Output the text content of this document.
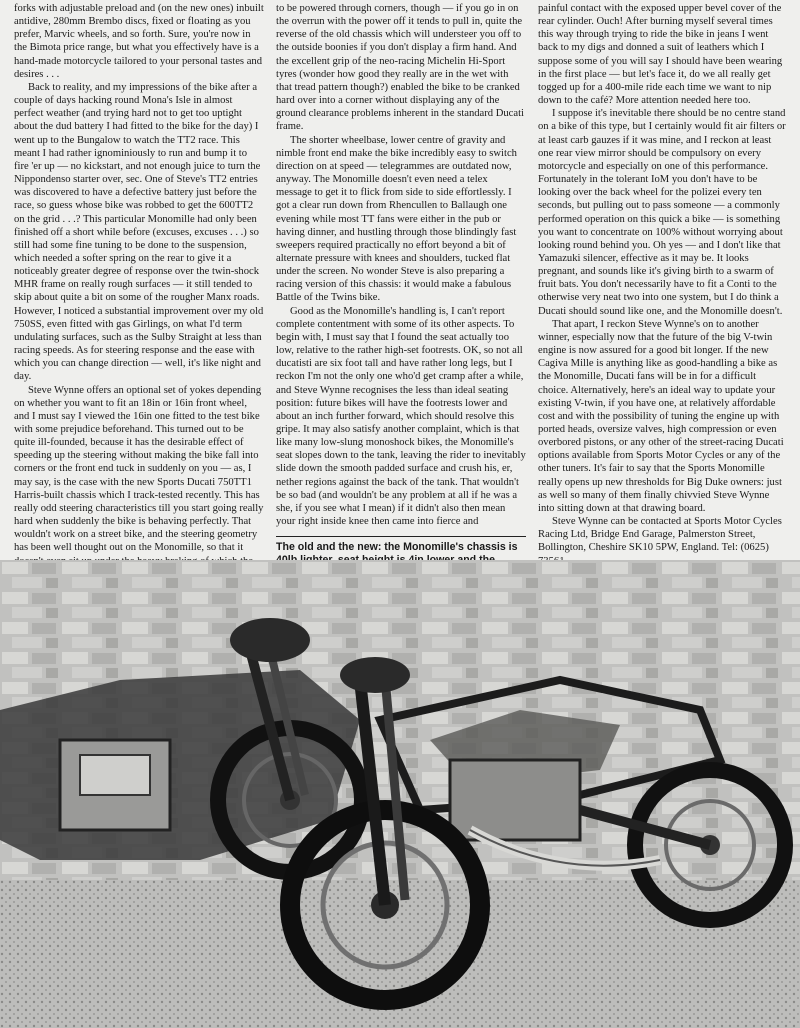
forks with adjustable preload and (on the new ones) inbuilt antidive, 280mm Brembo discs, fixed or floating as you prefer, Marvic wheels, and so forth. Sure, you're now in the Bimota price range, but what you effectively have is a hand-made motorcycle tailored to your personal tastes and desires . . .

Back to reality, and my impressions of the bike after a couple of days hacking round Mona's Isle in almost perfect weather (and trying hard not to get too uptight about the dud battery I had fitted to the bike for the day) I went up to the Bungalow to watch the TT2 race. This meant I had rather ignominiously to run and bump it to fire 'er up — no kickstart, and not enough juice to turn the Nippondenso starter over, sec. One of Steve's TT2 entries was discovered to have a defective battery just before the race, so guess whose bike was robbed to get the 600TT2 on the grid . . .? This particular Monomille had only been finished off a short while before (excuses, excuses . . .) so still had some fine tuning to be done to the suspension, which needed a softer spring on the rear to give it a noticeably greater degree of response over the twin-shock MHR frame on really rough surfaces — it still tended to skip about quite a bit on some of the rougher Manx roads. However, I noticed a substantial improvement over my old 750SS, even fitted with gas Girlings, on what I'd term undulating surfaces, such as the Sulby Straight at less than racing speeds. As for steering response and the ease with which you can change direction — well, it's like night and day.

Steve Wynne offers an optional set of yokes depending on whether you want to fit an 18in or 16in front wheel, and I must say I viewed the 16in one fitted to the test bike with some prejudice beforehand. This turned out to be quite ill-founded, because it has the desirable effect of speeding up the steering without making the bike fall into corners or the front end tuck in suddenly on you — as, I may say, is the case with the new Sports Ducati 750TT1 Harris-built chassis which I track-tested recently. This has really odd steering characteristics till you start going really hard when suddenly the bike is behaving perfectly. That wouldn't work on a street bike, and the steering geometry has been well thought out on the Monomille, so that it

to be powered through corners, though — if you go in on the overrun with the power off it tends to pull in, quite the reverse of the old chassis which will understeer you off to the outside boonies if you don't display a firm hand. And the excellent grip of the neo-racing Michelin Hi-Sport tyres (wonder how good they really are in the wet with that tread pattern though?) enabled the bike to be cranked hard over into a corner without displaying any of the ground clearance problems inherent in the standard Ducati frame.

The shorter wheelbase, lower centre of gravity and nimble front end make the bike incredibly easy to switch direction on at speed — telegrammes are outdated now, anyway. The Monomille doesn't even need a telex message to get it to flick from side to side effortlessly. I got a clear run down from Rhencullen to Ballaugh one evening while most TT fans were either in the pub or having dinner, and hustling through those blindingly fast sweepers required practically no effort beyond a bit of alternate pressure with knees and shoulders, tucked flat under the screen. No wonder Steve is also preparing a racing version of this chassis: it would make a fabulous Battle of the Twins bike.

Good as the Monomille's handling is, I can't report complete contentment with some of its other aspects. To begin with, I must say that I found the seat actually too low, relative to the rather high-set footrests. OK, so not all ducatisti are six foot tall and have rather long legs, but I reckon I'm not the only one who'd get cramp after a while, and Steve Wynne recognises the less than ideal seating position: future bikes will have the footrests lower and about an inch further forward, which should resolve this gripe. It may also satisfy another complaint, which is that like many low-slung monoshock bikes, the Monomille's seat slopes down to the tank, leaving the rider to inevitably slide down the smooth padded surface and crush his, er, nether regions against the back of the tank. That wouldn't be so bad (and wouldn't be any problem at all if he was a she, if you see what I mean) if it didn't also then mean your right inside knee then came into fierce and

The old and the new: the Monomille's chassis is

painful contact with the exposed upper bevel cover of the rear cylinder. Ouch! After burning myself several times this way through trying to ride the bike in jeans I went back to my digs and donned a suit of leathers which I suppose some of you will say I should have been wearing in the first place — but let's face it, do we all really get togged up for a 400-mile ride each time we want to nip down to the café? More attention needed here too.

I suppose it's inevitable there should be no centre stand on a bike of this type, but I certainly would fit air filters or at least carb gauzes if it was mine, and I reckon at least one rear view mirror should be compulsory on every motorcycle and especially on one of this performance. Fortunately in the tolerant IoM you don't have to be looking over the back wheel for the polizei every ten seconds, but pulling out to pass someone — a commonly performed operation on this quick a bike — is something you want to concentrate on 100% without worrying about looking round behind you. Oh yes — and I don't like that Yamazuki silencer, effective as it may be. It looks pregnant, and sounds like it's giving birth to a swarm of fruit bats. You don't necessarily have to fit a Conti to the otherwise very neat two into one system, but I do think a Ducati should sound like one, and the Monomille doesn't.

That apart, I reckon Steve Wynne's on to another winner, especially now that the future of the big V-twin engine is now assured for a good bit longer. If the new Cagiva Mille is anything like as good-handling a bike as the Monomille, Ducati fans will be in for a difficult choice. Alternatively, here's an ideal way to update your existing V-twin, if you have one, at relatively affordable cost and with the possibility of tuning the engine up with ported heads, oversize valves, high compression or even overbored pistons, or any other of the street-racing Ducati options available from Sports Motor Cycles or any of the other tuners. It's fair to say that the Sports Monomille really opens up new thresholds for Big Duke owners: just as well so many of them finally chivvied Steve Wynne into sitting down at that drawing board.

Steve Wynne can be contacted at Sports Motor Cycles Racing Ltd, Bridge End Garage, Palmerston Street, Bollington, Cheshire SK10 5PW, England. Tel: (0625)
